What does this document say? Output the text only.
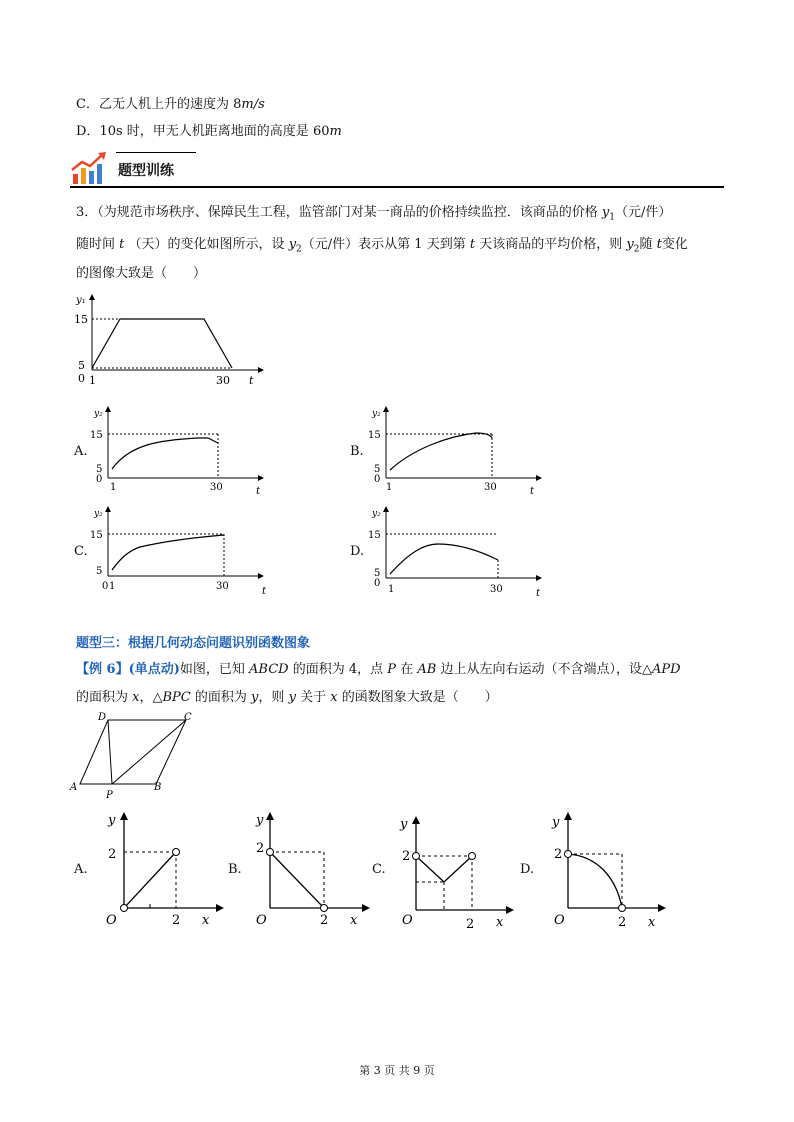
C．乙无人机上升的速度为 8m/s
D．10s 时，甲无人机距离地面的高度是 60m
题型训练
3．（为规范市场秩序、保障民生工程，监管部门对某一商品的价格持续监控．该商品的价格 $y_1$（元/件）
随时间 t （天）的变化如图所示，设 $y_2$（元/件）表示从第 1 天到第 t 天该商品的平均价格，则 $y_2$随 t变化
的图像大致是（　　）
y₁
15
5
0 1	30 t
A.
y₂
15
5
0
1	30	t
B.
y₂
15
5
0
1	30	t
C.
y₂
15
5
0 1	30	t
D.
y₂
15
5
0
1	30	t
题型三：根据几何动态问题识别函数图象
【例 6】(单点动)如图，已知 ABCD 的面积为 4，点 P 在 AB 边上从左向右运动（不含端点），设△APD
的面积为 x，△BPC 的面积为 y，则 y 关于 x 的函数图象大致是（　　）
D	C
A
P
B
A.
y
2
O	2 x
B.
y
2
O	2 x
C.
y
2
O	2 x
D.
y
2
O	2 x
第 3 页 共 9 页
